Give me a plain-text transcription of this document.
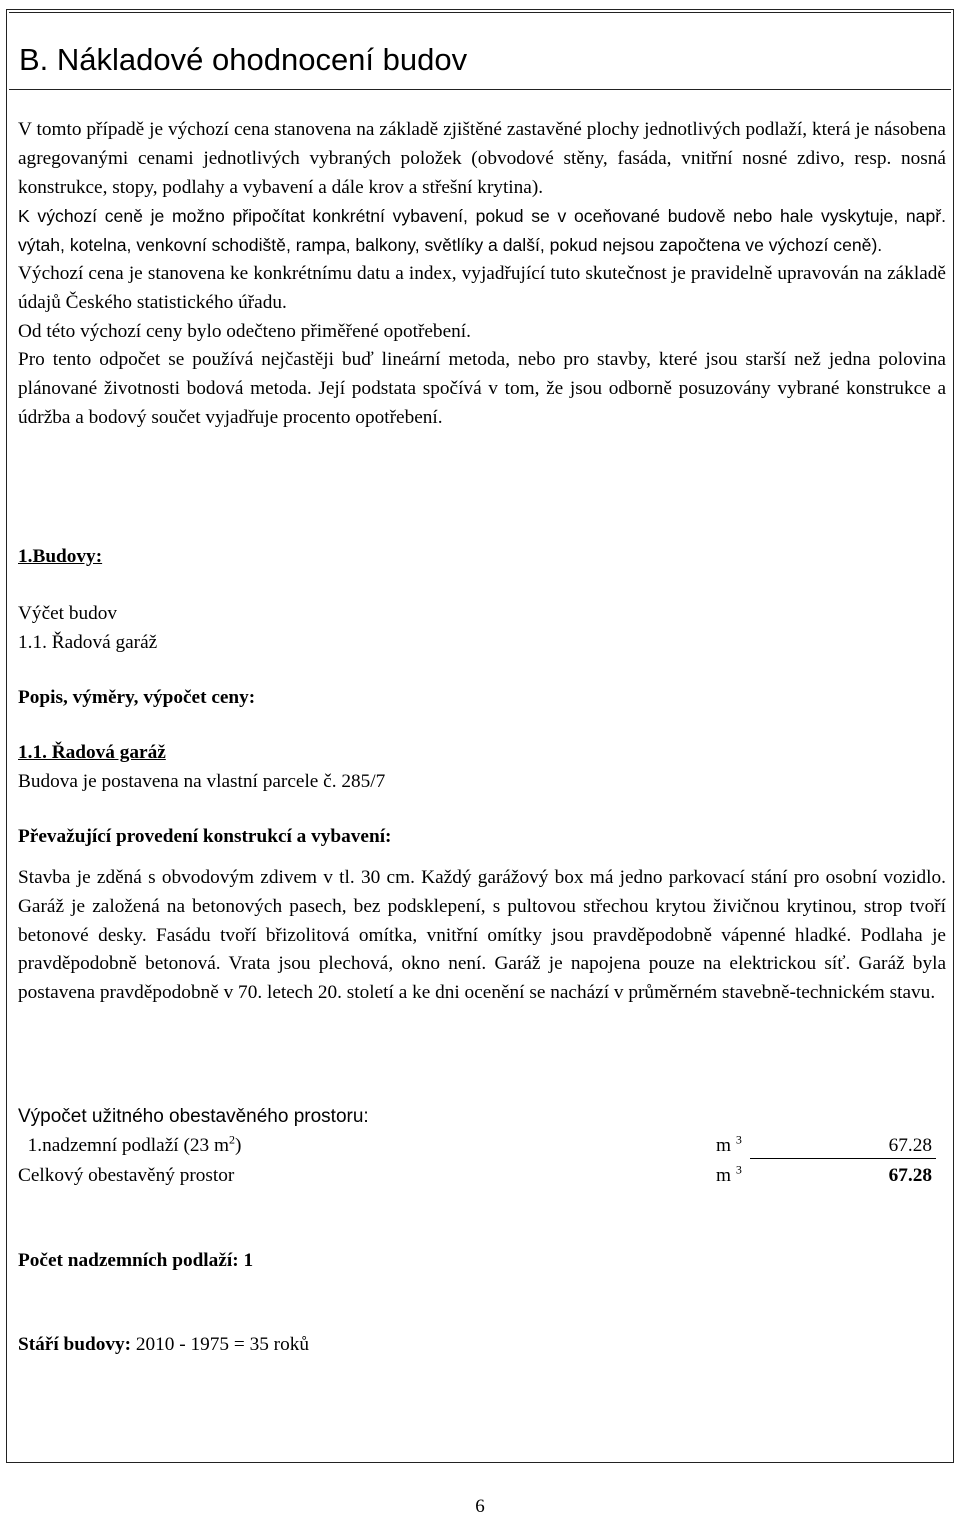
B. Nákladové ohodnocení budov

V tomto případě je výchozí cena stanovena na základě zjištěné zastavěné plochy jednotlivých podlaží, která je násobena agregovanými cenami jednotlivých vybraných položek (obvodové stěny, fasáda, vnitřní nosné zdivo, resp. nosná konstrukce, stopy, podlahy a vybavení a dále krov a střešní krytina).

K výchozí ceně je možno připočítat konkrétní vybavení, pokud se v oceňované budově nebo hale vyskytuje, např. výtah, kotelna, venkovní schodiště, rampa, balkony, světlíky a další, pokud nejsou započtena ve výchozí ceně).

Výchozí cena je stanovena ke konkrétnímu datu a index, vyjadřující tuto skutečnost je pravidelně upravován na základě údajů Českého statistického úřadu.

Od této výchozí ceny bylo odečteno přiměřené opotřebení.

Pro tento odpočet se používá nejčastěji buď lineární metoda, nebo pro stavby, které jsou starší než jedna polovina plánované životnosti bodová metoda. Její podstata spočívá v tom, že jsou odborně posuzovány vybrané konstrukce a údržba a bodový součet vyjadřuje procento opotřebení.

1.Budovy:

Výčet budov

1.1. Řadová garáž

Popis, výměry, výpočet ceny:

1.1. Řadová garáž

Budova je postavena na vlastní parcele č. 285/7

Převažující provedení konstrukcí a vybavení:

Stavba je zděná s obvodovým zdivem v tl. 30 cm. Každý garážový box má jedno parkovací stání pro osobní vozidlo. Garáž je založená na betonových pasech, bez podsklepení, s pultovou střechou krytou živičnou krytinou, strop tvoří betonové desky. Fasádu tvoří břizolitová omítka, vnitřní omítky jsou pravděpodobně vápenné hladké. Podlaha je pravděpodobně betonová. Vrata jsou plechová, okno není. Garáž je napojena pouze na elektrickou síť. Garáž byla postavena pravděpodobně v 70. letech 20. století a ke dni ocenění se nachází v průměrném stavebně-technickém stavu.

Výpočet užitného obestavěného prostoru:

1.nadzemní podlaží (23 $m^2$)	m $^3$	67.28
Celkový obestavěný prostor	m $^3$	67.28

Počet nadzemních podlaží: 1

Stáří budovy: 2010 - 1975 = 35 roků

6
